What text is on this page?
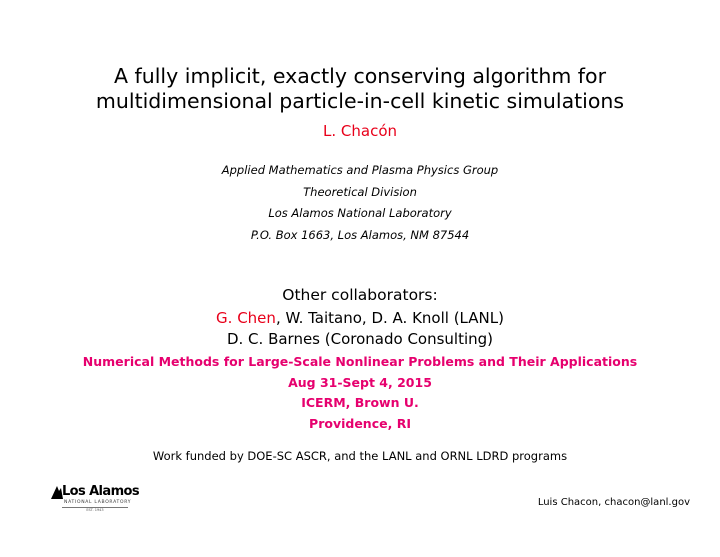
A fully implicit, exactly conserving algorithm for
multidimensional particle-in-cell kinetic simulations
L. Chacón
Applied Mathematics and Plasma Physics Group
Theoretical Division
Los Alamos National Laboratory
P.O. Box 1663, Los Alamos, NM 87544
Other collaborators:
G. Chen, W. Taitano, D. A. Knoll (LANL)
D. C. Barnes (Coronado Consulting)
Numerical Methods for Large-Scale Nonlinear Problems and Their Applications
Aug 31-Sept 4, 2015
ICERM, Brown U.
Providence, RI
Work funded by DOE-SC ASCR, and the LANL and ORNL LDRD programs
Los Alamos
NATIONAL LABORATORY
EST. 1943
Luis Chacon, chacon@lanl.gov
